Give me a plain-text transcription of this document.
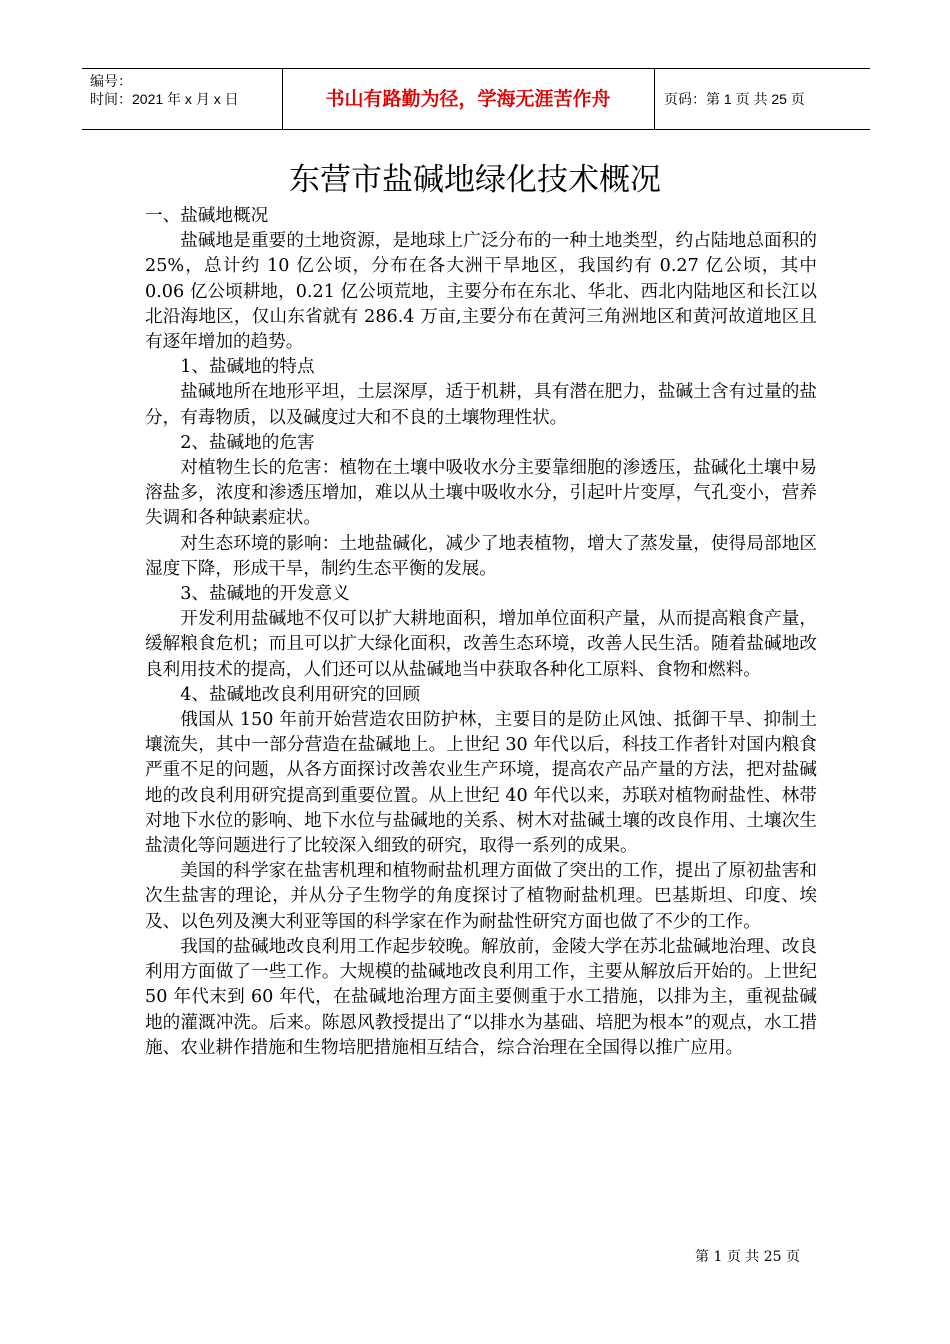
编号：
时间：2021 年 x 月 x 日	书山有路勤为径，学海无涯苦作舟	页码：第 1 页 共 25 页
东营市盐碱地绿化技术概况

一、盐碱地概况

盐碱地是重要的土地资源，是地球上广泛分布的一种土地类型，约占陆地总面积的 25%，总计约 10 亿公顷，分布在各大洲干旱地区，我国约有 0.27 亿公顷，其中 0.06 亿公顷耕地，0.21 亿公顷荒地，主要分布在东北、华北、西北内陆地区和长江以北沿海地区，仅山东省就有 286.4 万亩,主要分布在黄河三角洲地区和黄河故道地区且有逐年增加的趋势。

1、盐碱地的特点

盐碱地所在地形平坦，土层深厚，适于机耕，具有潜在肥力，盐碱土含有过量的盐分，有毒物质，以及碱度过大和不良的土壤物理性状。

2、盐碱地的危害

对植物生长的危害：植物在土壤中吸收水分主要靠细胞的渗透压，盐碱化土壤中易溶盐多，浓度和渗透压增加，难以从土壤中吸收水分，引起叶片变厚，气孔变小，营养失调和各种缺素症状。

对生态环境的影响：土地盐碱化，减少了地表植物，增大了蒸发量，使得局部地区湿度下降，形成干旱，制约生态平衡的发展。

3、盐碱地的开发意义

开发利用盐碱地不仅可以扩大耕地面积，增加单位面积产量，从而提高粮食产量，缓解粮食危机；而且可以扩大绿化面积，改善生态环境，改善人民生活。随着盐碱地改良利用技术的提高，人们还可以从盐碱地当中获取各种化工原料、食物和燃料。

4、盐碱地改良利用研究的回顾

俄国从 150 年前开始营造农田防护林，主要目的是防止风蚀、抵御干旱、抑制土壤流失，其中一部分营造在盐碱地上。上世纪 30 年代以后，科技工作者针对国内粮食严重不足的问题，从各方面探讨改善农业生产环境，提高农产品产量的方法，把对盐碱地的改良利用研究提高到重要位置。从上世纪 40 年代以来，苏联对植物耐盐性、林带对地下水位的影响、地下水位与盐碱地的关系、树木对盐碱土壤的改良作用、土壤次生盐渍化等问题进行了比较深入细致的研究，取得一系列的成果。

美国的科学家在盐害机理和植物耐盐机理方面做了突出的工作，提出了原初盐害和次生盐害的理论，并从分子生物学的角度探讨了植物耐盐机理。巴基斯坦、印度、埃及、以色列及澳大利亚等国的科学家在作为耐盐性研究方面也做了不少的工作。

我国的盐碱地改良利用工作起步较晚。解放前，金陵大学在苏北盐碱地治理、改良利用方面做了一些工作。大规模的盐碱地改良利用工作，主要从解放后开始的。上世纪 50 年代末到 60 年代，在盐碱地治理方面主要侧重于水工措施，以排为主，重视盐碱地的灌溉冲洗。后来。陈恩风教授提出了“以排水为基础、培肥为根本”的观点，水工措施、农业耕作措施和生物培肥措施相互结合，综合治理在全国得以推广应用。

第 1 页 共 25 页
